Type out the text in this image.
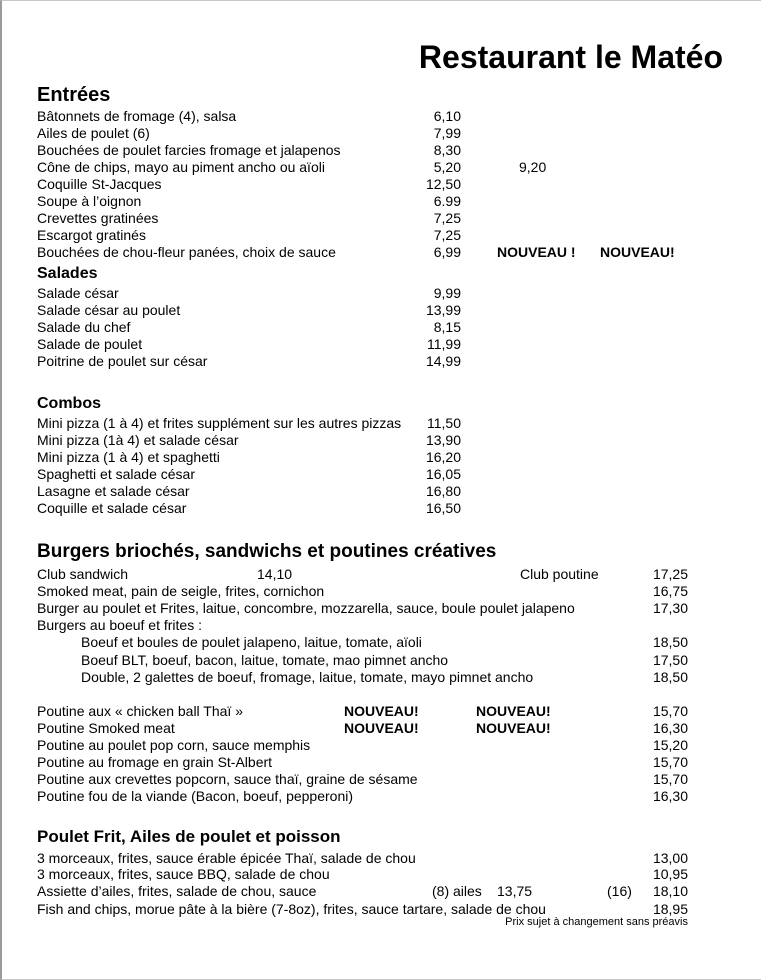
Restaurant le Matéo
Entrées
Bâtonnets de fromage (4), salsa	6,10
Ailes de poulet (6)	7,99
Bouchées de poulet farcies fromage et jalapenos	8,30
Cône de chips, mayo au piment ancho ou aïoli	5,20	9,20
Coquille St-Jacques	12,50
Soupe à l’oignon	6.99
Crevettes gratinées	7,25
Escargot gratinés	7,25
Bouchées de chou-fleur panées, choix de sauce	6,99	NOUVEAU ! NOUVEAU!
Salades
Salade césar	9,99
Salade césar au poulet	13,99
Salade du chef	8,15
Salade de poulet	11,99
Poitrine de poulet sur césar	14,99
Combos
Mini pizza (1 à 4) et frites supplément sur les autres pizzas	11,50
Mini pizza (1à 4) et salade césar	13,90
Mini pizza (1 à 4) et spaghetti	16,20
Spaghetti et salade césar	16,05
Lasagne et salade césar	16,80
Coquille et salade césar	16,50
Burgers briochés, sandwichs et poutines créatives
Club sandwich	14,10	Club poutine	17,25
Smoked meat, pain de seigle, frites, cornichon	16,75
Burger au poulet et Frites, laitue, concombre, mozzarella, sauce, boule poulet jalapeno	17,30
Burgers au boeuf et frites :
Boeuf et boules de poulet jalapeno, laitue, tomate, aïoli	18,50
Boeuf BLT, boeuf, bacon, laitue, tomate, mao pimnet ancho	17,50
Double, 2 galettes de boeuf, fromage, laitue, tomate, mayo pimnet ancho	18,50
Poutine aux « chicken ball Thaï »	NOUVEAU!	NOUVEAU!	15,70
Poutine Smoked meat	NOUVEAU!	NOUVEAU!	16,30
Poutine au poulet pop corn, sauce memphis	15,20
Poutine au fromage en grain St-Albert	15,70
Poutine aux crevettes popcorn, sauce thaï, graine de sésame	15,70
Poutine fou de la viande (Bacon, boeuf, pepperoni)	16,30
Poulet Frit, Ailes de poulet et poisson
3 morceaux, frites, sauce érable épicée Thaï, salade de chou	13,00
3 morceaux, frites, sauce BBQ, salade de chou	10,95
Assiette d’ailes, frites, salade de chou, sauce	(8) ailes 13,75	(16)	18,10
Fish and chips, morue pâte à la bière (7-8oz), frites, sauce tartare, salade de chou	18,95
Prix sujet à changement sans préavis
